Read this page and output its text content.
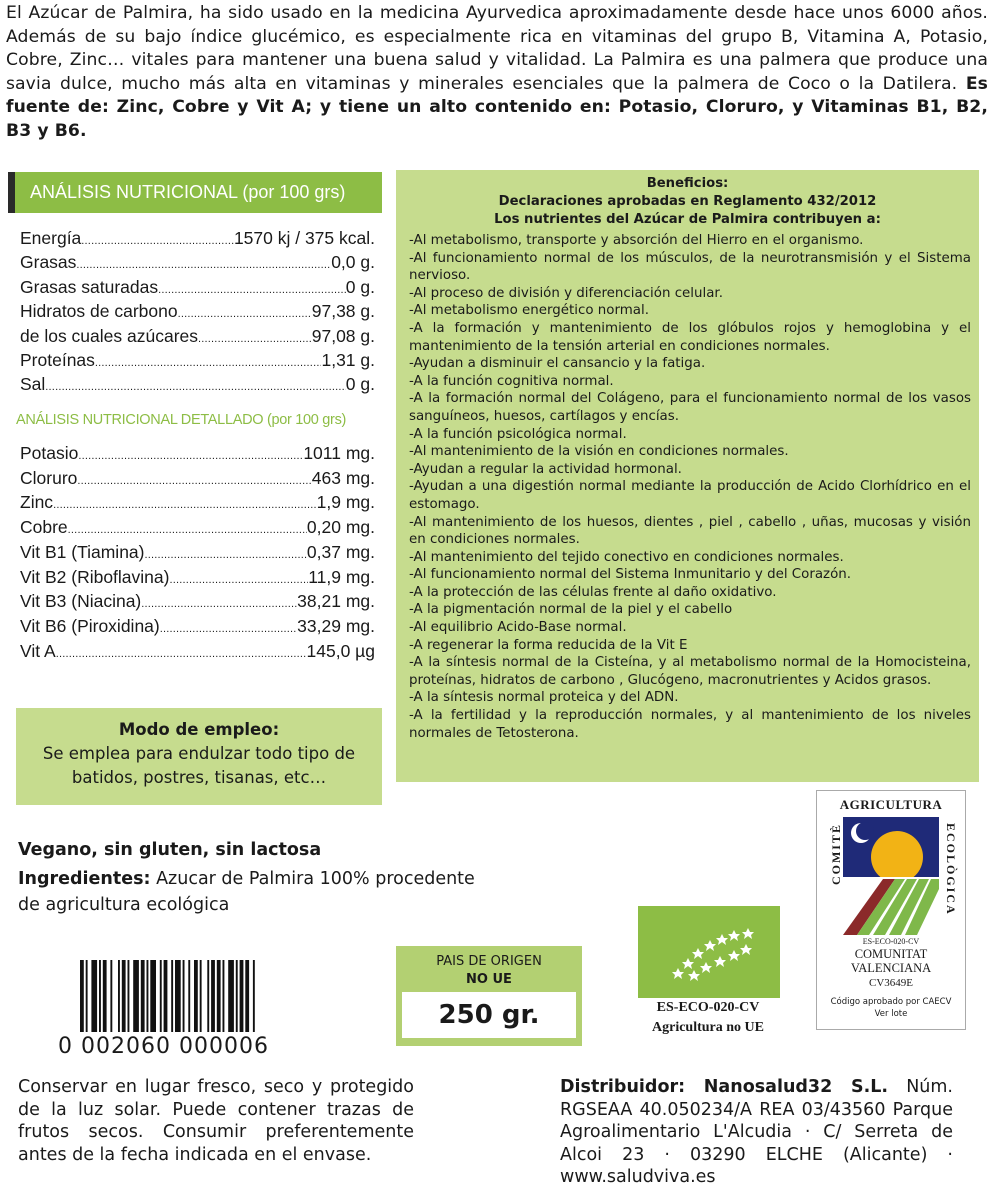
El Azúcar de Palmira, ha sido usado en la medicina Ayurvedica aproximadamente desde hace unos 6000 años. Además de su bajo índice glucémico, es especialmente rica en vitaminas del grupo B, Vitamina A, Potasio, Cobre, Zinc… vitales para mantener una buena salud y vitalidad. La Palmira es una palmera que produce una savia dulce, mucho más alta en vitaminas y minerales esenciales que la palmera de Coco o la Datilera. Es fuente de: Zinc, Cobre y Vit A; y tiene un alto contenido en: Potasio, Cloruro, y Vitaminas B1, B2, B3 y B6.
ANÁLISIS NUTRICIONAL (por 100 grs)
Energía .....	1570 kj / 375 kcal.
Grasas .....	0,0 g.
Grasas saturadas .....	0 g.
Hidratos de carbono .....	97,38 g.
de los cuales azúcares .....	97,08 g.
Proteínas .....	1,31 g.
Sal .....	0 g.
ANÁLISIS NUTRICIONAL DETALLADO (por 100 grs)
Potasio .....	1011 mg.
Cloruro .....	463 mg.
Zinc .....	1,9 mg.
Cobre .....	0,20 mg.
Vit B1 (Tiamina) .....	0,37 mg.
Vit B2 (Riboflavina) .....	11,9 mg.
Vit B3 (Niacina) .....	38,21 mg.
Vit B6 (Piroxidina) .....	33,29 mg.
Vit A .....	145,0 µg
Modo de empleo:
Se emplea para endulzar todo tipo de batidos, postres, tisanas, etc…
Beneficios:
Declaraciones aprobadas en Reglamento 432/2012
Los nutrientes del Azúcar de Palmira contribuyen a:
-Al metabolismo, transporte y absorción del Hierro en el organismo.
-Al funcionamiento normal de los músculos, de la neurotransmisión y el Sistema nervioso.
-Al proceso de división y diferenciación celular.
-Al metabolismo energético normal.
-A la formación y mantenimiento de los glóbulos rojos y hemoglobina y el mantenimiento de la tensión arterial en condiciones normales.
-Ayudan a disminuir el cansancio y la fatiga.
-A la función cognitiva normal.
-A la formación normal del Colágeno, para el funcionamiento normal de los vasos sanguíneos, huesos, cartílagos y encías.
-A la función psicológica normal.
-Al mantenimiento de la visión en condiciones normales.
-Ayudan a regular la actividad hormonal.
-Ayudan a una digestión normal mediante la producción de Acido Clorhídrico en el estomago.
-Al mantenimiento de los huesos, dientes , piel , cabello , uñas, mucosas y visión en condiciones normales.
-Al mantenimiento del tejido conectivo en condiciones normales.
-Al funcionamiento normal del Sistema Inmunitario y del Corazón.
-A la protección de las células frente al daño oxidativo.
-A la pigmentación normal de la piel y el cabello
-Al equilibrio Acido-Base normal.
-A regenerar la forma reducida de la Vit E
-A la síntesis normal de la Cisteína, y al metabolismo normal de la Homocisteina, proteínas, hidratos de carbono , Glucógeno, macronutrientes y Acidos grasos.
-A la síntesis normal proteica y del ADN.
-A la fertilidad y la reproducción normales, y al mantenimiento de los niveles normales de Tetosterona.
Vegano, sin gluten, sin lactosa
Ingredientes: Azucar de Palmira 100% procedente de agricultura ecológica
0 002060 000006
PAIS DE ORIGEN
NO UE
250 gr.	ES-ECO-020-CV
Agricultura no UE
AGRICULTURA
COMITÈ	ECOLÒGICA
ES-ECO-020-CV
COMUNITAT
VALENCIANA
CV3649E
Código aprobado por CAECV
Ver lote
Conservar en lugar fresco, seco y protegido de la luz solar. Puede contener trazas de frutos secos. Consumir preferentemente antes de la fecha indicada en el envase.
Distribuidor: Nanosalud32 S.L. Núm. RGSEAA 40.050234/A REA 03/43560 Parque Agroalimentario L'Alcudia · C/ Serreta de Alcoi 23 · 03290 ELCHE (Alicante) · www.saludviva.es
